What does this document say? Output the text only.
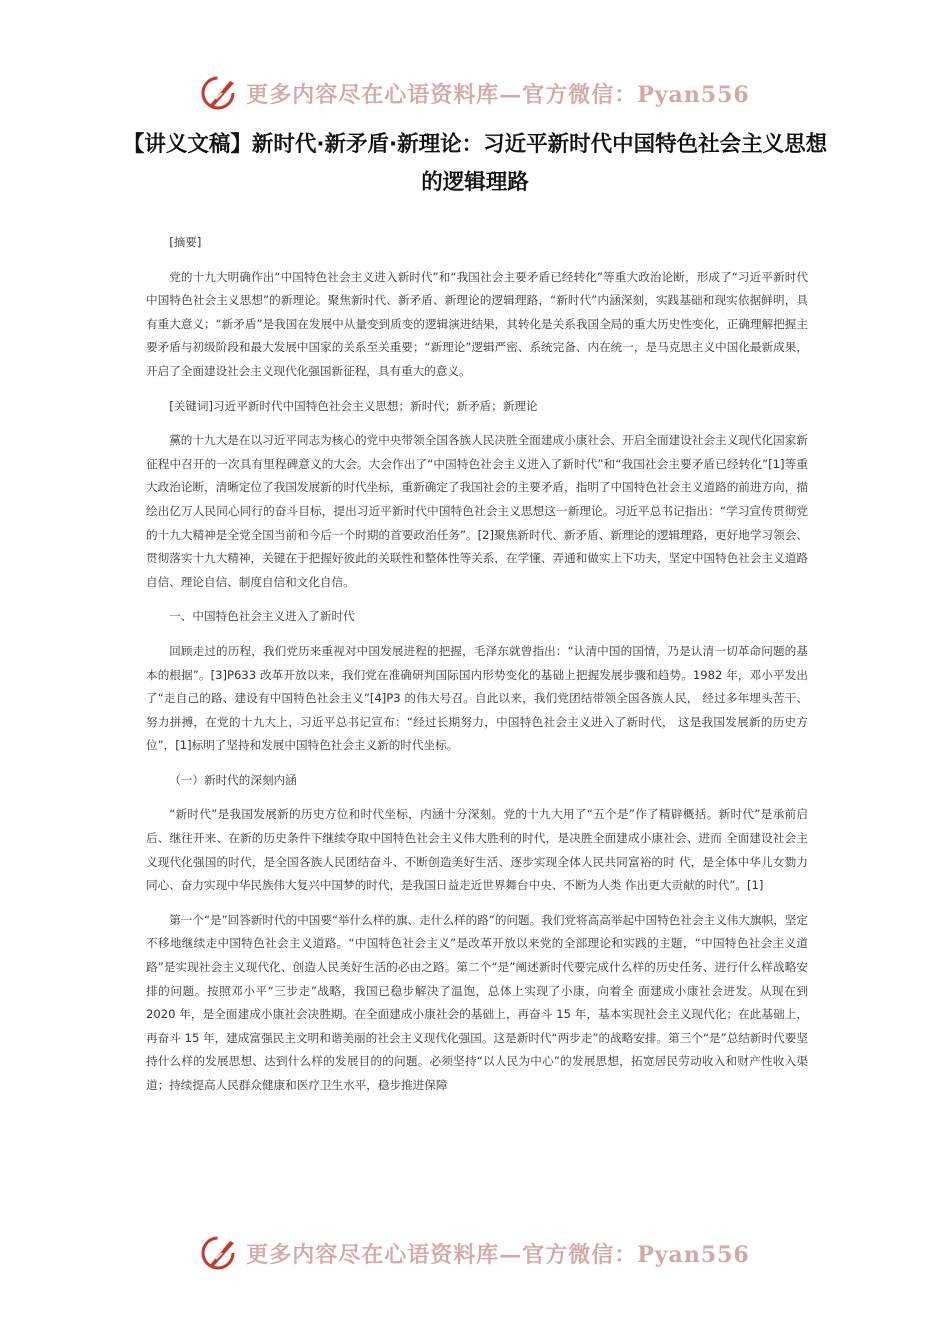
更多内容尽在心语资料库—官方微信：Pyan556
【讲义文稿】新时代·新矛盾·新理论：习近平新时代中国特色社会主义思想的逻辑理路

[摘要]

党的十九大明确作出“中国特色社会主义进入新时代”和“我国社会主要矛盾已经转化”等重大政治论断，形成了“习近平新时代中国特色社会主义思想”的新理论。聚焦新时代、新矛盾、新理论的逻辑理路，“新时代”内涵深刻，实践基础和现实依据鲜明，具有重大意义；“新矛盾”是我国在发展中从量变到质变的逻辑演进结果，其转化是关系我国全局的重大历史性变化，正确理解把握主要矛盾与初级阶段和最大发展中国家的关系至关重要；“新理论”逻辑严密、系统完备、内在统一，是马克思主义中国化最新成果，开启了全面建设社会主义现代化强国新征程，具有重大的意义。

[关键词]习近平新时代中国特色社会主义思想；新时代；新矛盾；新理论

黨的十九大是在以习近平同志为核心的党中央带领全国各族人民决胜全面建成小康社会、开启全面建设社会主义现代化国家新征程中召开的一次具有里程碑意义的大会。大会作出了“中国特色社会主义进入了新时代”和“我国社会主要矛盾已经转化”[1]等重大政治论断，清晰定位了我国发展新的时代坐标，重新确定了我国社会的主要矛盾，指明了中国特色社会主义道路的前进方向，描绘出亿万人民同心同行的奋斗目标，提出习近平新时代中国特色社会主义思想这一新理论。习近平总书记指出：“学习宣传贯彻党的十九大精神是全党全国当前和今后一个时期的首要政治任务”。[2]聚焦新时代、新矛盾、新理论的逻辑理路，更好地学习领会、贯彻落实十九大精神，关键在于把握好彼此的关联性和整体性等关系，在学懂、弄通和做实上下功夫，坚定中国特色社会主义道路自信、理论自信、制度自信和文化自信。

一、中国特色社会主义进入了新时代

回顾走过的历程，我们党历来重视对中国发展进程的把握，毛泽东就曾指出：“认清中国的国情，乃是认清一切革命问题的基本的根据”。[3]P633 改革开放以来，我们党在准确研判国际国内形势变化的基础上把握发展步骤和趋势。1982 年，邓小平发出了“走自己的路、建设有中国特色社会主义”[4]P3 的伟大号召。自此以来，我们党团结带领全国各族人民， 经过多年埋头苦干、努力拼搏，在党的十九大上，习近平总书记宣布：“经过长期努力，中国特色社会主义进入了新时代， 这是我国发展新的历史方位”，[1]标明了坚持和发展中国特色社会主义新的时代坐标。

（一）新时代的深刻内涵

“新时代”是我国发展新的历史方位和时代坐标，内涵十分深刻。党的十九大用了“五个是”作了精辟概括。新时代”是承前启后、继往开来、在新的历史条件下继续夺取中国特色社会主义伟大胜利的时代，是决胜全面建成小康社会、进而 全面建设社会主义现代化强国的时代，是全国各族人民团结奋斗、不断创造美好生活、逐步实现全体人民共同富裕的时 代，是全体中华儿女勠力同心、奋力实现中华民族伟大复兴中国梦的时代，是我国日益走近世界舞台中央、不断为人类 作出更大贡献的时代”。[1]

第一个“是”回答新时代的中国要“举什么样的旗、走什么样的路”的问题。我们党将高高举起中国特色社会主义伟大旗帜，坚定不移地继续走中国特色社会主义道路。“中国特色社会主义”是改革开放以来党的全部理论和实践的主题，“中国特色社会主义道路”是实现社会主义现代化、创造人民美好生活的必由之路。第二个“是”阐述新时代要完成什么样的历史任务、进行什么样战略安排的问题。按照邓小平“三步走”战略，我国已稳步解决了温饱，总体上实现了小康，向着全 面建成小康社会进发。从现在到 2020 年，是全面建成小康社会决胜期。在全面建成小康社会的基础上，再奋斗 15 年，基本实现社会主义现代化；在此基础上，再奋斗 15 年，建成富强民主文明和谐美丽的社会主义现代化强国。这是新时代“两步走”的战略安排。第三个“是”总结新时代要坚持什么样的发展思想、达到什么样的发展目的的问题。必须坚持“以人民为中心”的发展思想，拓宽居民劳动收入和财产性收入渠道；持续提高人民群众健康和医疗卫生水平，稳步推进保障

更多内容尽在心语资料库—官方微信：Pyan556
